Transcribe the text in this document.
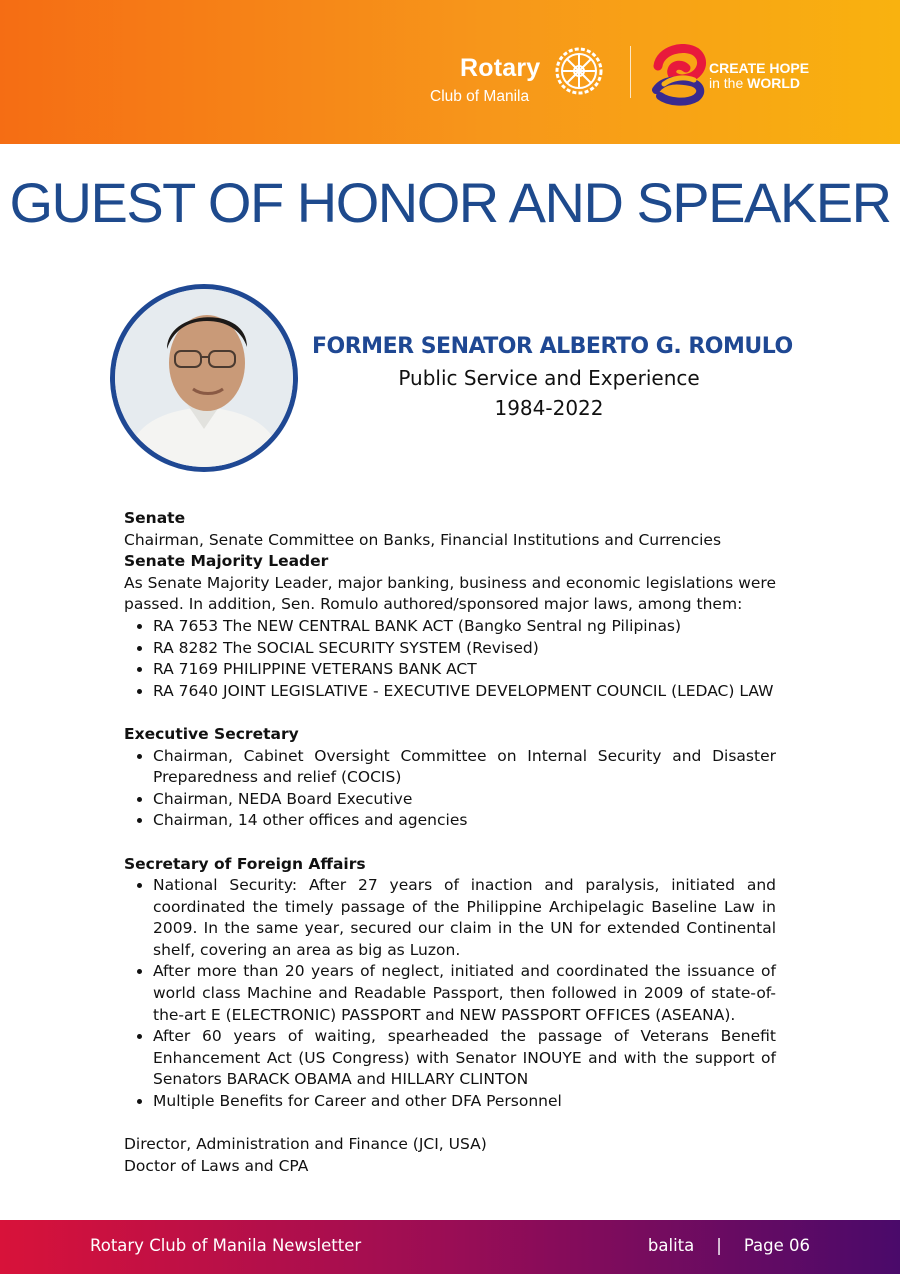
Rotary
Club of Manila
CREATE HOPE
in the WORLD
GUEST OF HONOR AND SPEAKER
FORMER SENATOR ALBERTO G. ROMULO
Public Service and Experience
1984-2022

Senate

Chairman, Senate Committee on Banks, Financial Institutions and Currencies

Senate Majority Leader

As Senate Majority Leader, major banking, business and economic legislations were passed. In addition, Sen. Romulo authored/sponsored major laws, among them:

• RA 7653 The NEW CENTRAL BANK ACT (Bangko Sentral ng Pilipinas)
• RA 8282 The SOCIAL SECURITY SYSTEM (Revised)
• RA 7169 PHILIPPINE VETERANS BANK ACT
• RA 7640 JOINT LEGISLATIVE - EXECUTIVE DEVELOPMENT COUNCIL (LEDAC) LAW

Executive Secretary

• Chairman, Cabinet Oversight Committee on Internal Security and Disaster Preparedness and relief (COCIS)
• Chairman, NEDA Board Executive
• Chairman, 14 other offices and agencies

Secretary of Foreign Affairs

• National Security: After 27 years of inaction and paralysis, initiated and coordinated the timely passage of the Philippine Archipelagic Baseline Law in 2009. In the same year, secured our claim in the UN for extended Continental shelf, covering an area as big as Luzon.
• After more than 20 years of neglect, initiated and coordinated the issuance of world class Machine and Readable Passport, then followed in 2009 of state-of-the-art E (ELECTRONIC) PASSPORT and NEW PASSPORT OFFICES (ASEANA).
• After 60 years of waiting, spearheaded the passage of Veterans Benefit Enhancement Act (US Congress) with Senator INOUYE and with the support of Senators BARACK OBAMA and HILLARY CLINTON
• Multiple Benefits for Career and other DFA Personnel

Director, Administration and Finance (JCI, USA)

Doctor of Laws and CPA

Rotary Club of Manila Newsletter	balita | Page 06
